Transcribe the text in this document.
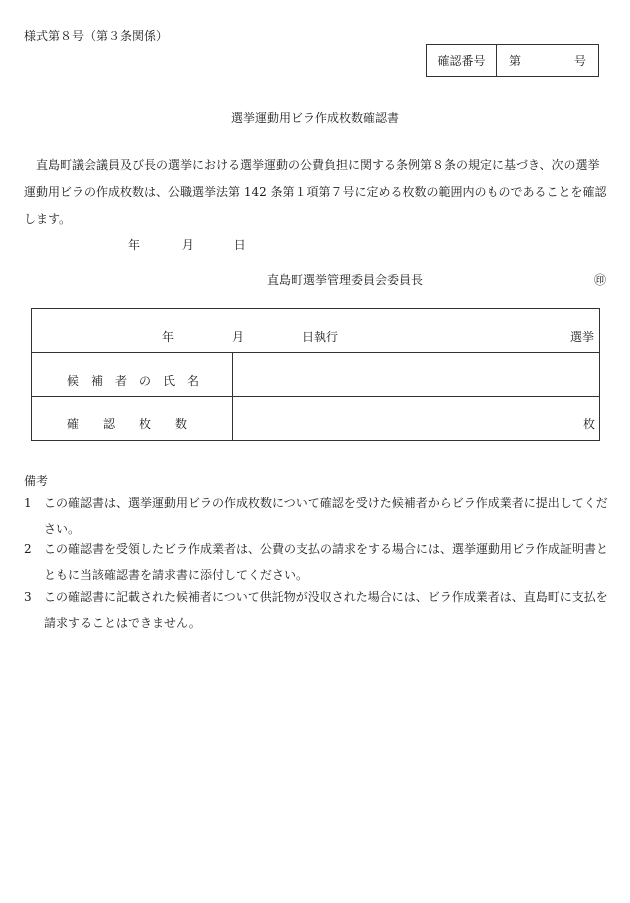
様式第８号（第３条関係）
確認番号	第	号
選挙運動用ビラ作成枚数確認書
直島町議会議員及び長の選挙における選挙運動の公費負担に関する条例第８条の規定に基づき、次の選挙運動用ビラの作成枚数は、公職選挙法第 142 条第１項第７号に定める枚数の範囲内のものであることを確認します。
年	月	日
直島町選挙管理委員会委員長	㊞
年	月	日執行	選挙
候　補　者　の　氏　名
確　　認　　枚　　数	枚
備考
1 この確認書は、選挙運動用ビラの作成枚数について確認を受けた候補者からビラ作成業者に提出してください。
2 この確認書を受領したビラ作成業者は、公費の支払の請求をする場合には、選挙運動用ビラ作成証明書とともに当該確認書を請求書に添付してください。
3 この確認書に記載された候補者について供託物が没収された場合には、ビラ作成業者は、直島町に支払を請求することはできません。
